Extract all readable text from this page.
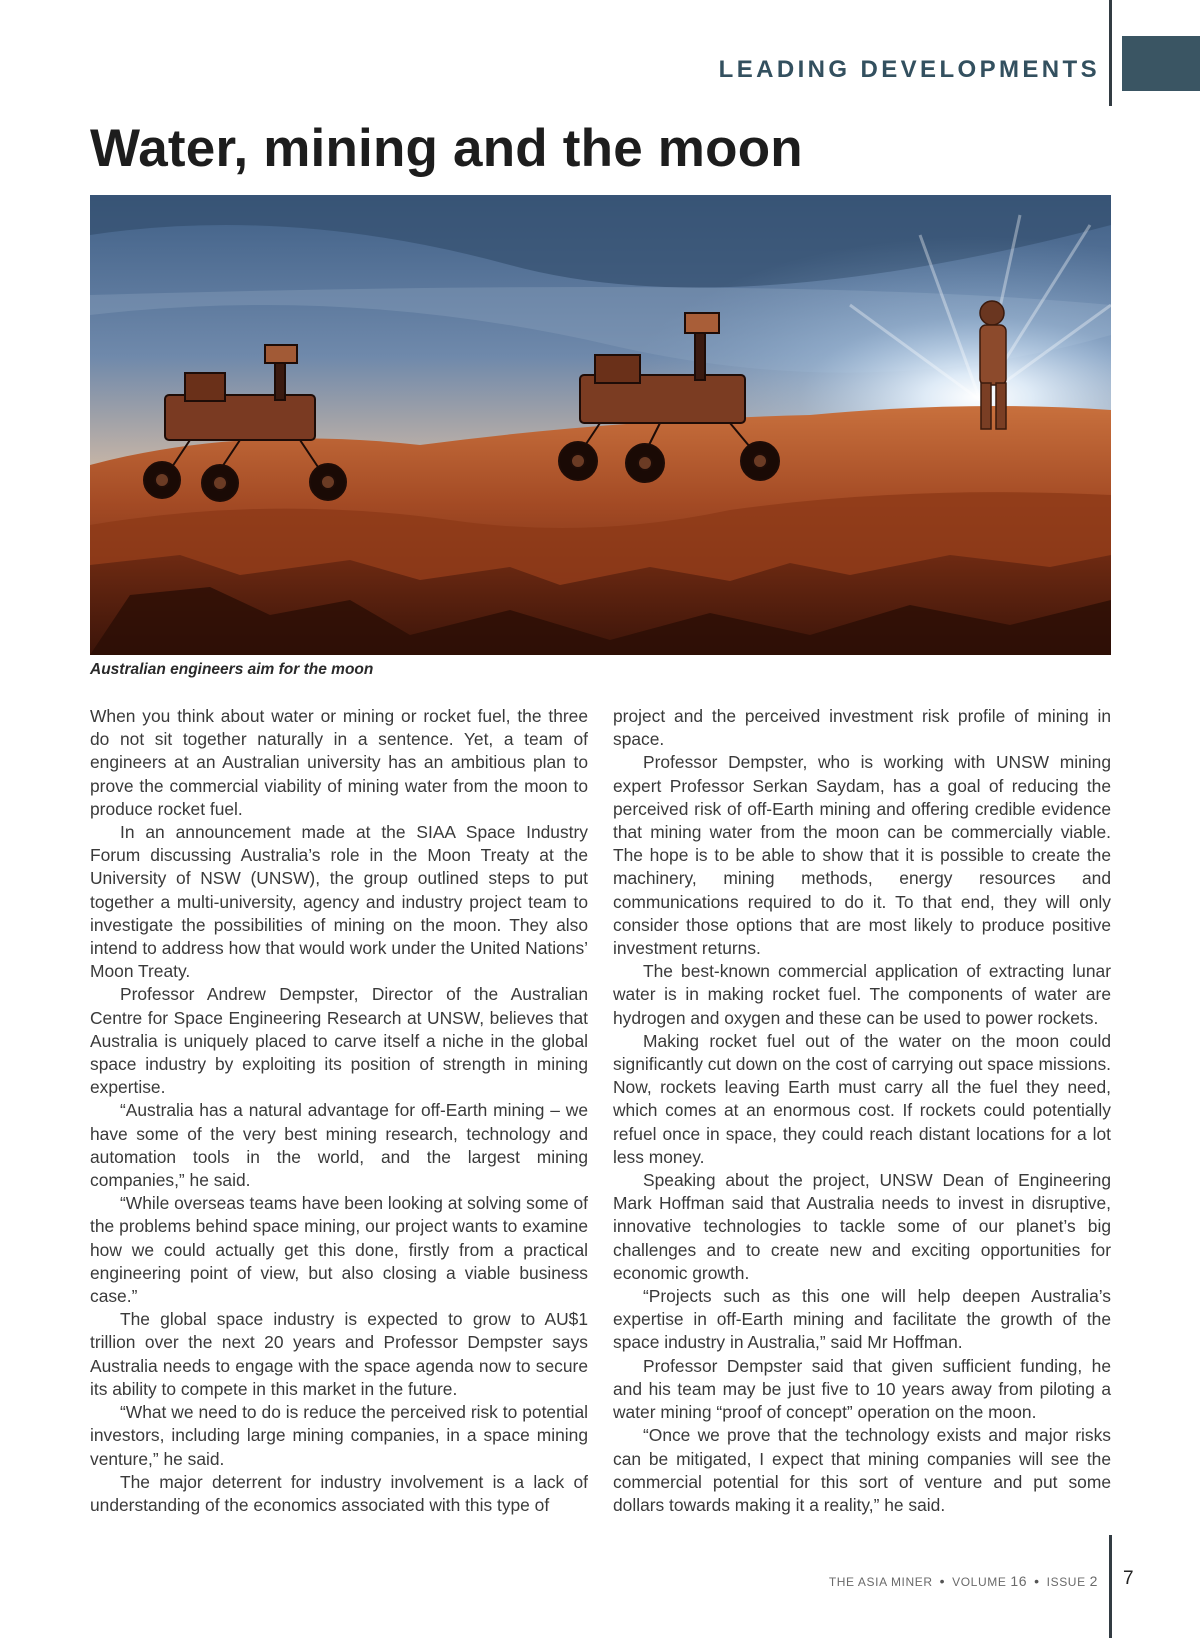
LEADING DEVELOPMENTS
Water, mining and the moon
Australian engineers aim for the moon

When you think about water or mining or rocket fuel, the three do not sit together naturally in a sentence. Yet, a team of engineers at an Australian university has an ambitious plan to prove the commercial viability of mining water from the moon to produce rocket fuel.

In an announcement made at the SIAA Space Industry Forum discussing Australia’s role in the Moon Treaty at the University of NSW (UNSW), the group outlined steps to put together a multi-university, agency and industry project team to investigate the possibilities of mining on the moon. They also intend to address how that would work under the United Nations’ Moon Treaty.

Professor Andrew Dempster, Director of the Australian Centre for Space Engineering Research at UNSW, believes that Australia is uniquely placed to carve itself a niche in the global space industry by exploiting its position of strength in mining expertise.

“Australia has a natural advantage for off-Earth mining – we have some of the very best mining research, technology and automation tools in the world, and the largest mining companies,” he said.

“While overseas teams have been looking at solving some of the problems behind space mining, our project wants to examine how we could actually get this done, firstly from a practical engineering point of view, but also closing a viable business case.”

The global space industry is expected to grow to AU$1 trillion over the next 20 years and Professor Dempster says Australia needs to engage with the space agenda now to secure its ability to compete in this market in the future.

“What we need to do is reduce the perceived risk to potential investors, including large mining companies, in a space mining venture,” he said.

The major deterrent for industry involvement is a lack of understanding of the economics associated with this type of

project and the perceived investment risk profile of mining in space.

Professor Dempster, who is working with UNSW mining expert Professor Serkan Saydam, has a goal of reducing the perceived risk of off-Earth mining and offering credible evidence that mining water from the moon can be commercially viable. The hope is to be able to show that it is possible to create the machinery, mining methods, energy resources and communications required to do it. To that end, they will only consider those options that are most likely to produce positive investment returns.

The best-known commercial application of extracting lunar water is in making rocket fuel. The components of water are hydrogen and oxygen and these can be used to power rockets.

Making rocket fuel out of the water on the moon could significantly cut down on the cost of carrying out space missions. Now, rockets leaving Earth must carry all the fuel they need, which comes at an enormous cost. If rockets could potentially refuel once in space, they could reach distant locations for a lot less money.

Speaking about the project, UNSW Dean of Engineering Mark Hoffman said that Australia needs to invest in disruptive, innovative technologies to tackle some of our planet’s big challenges and to create new and exciting opportunities for economic growth.

“Projects such as this one will help deepen Australia’s expertise in off-Earth mining and facilitate the growth of the space industry in Australia,” said Mr Hoffman.

Professor Dempster said that given sufficient funding, he and his team may be just five to 10 years away from piloting a water mining “proof of concept” operation on the moon.

“Once we prove that the technology exists and major risks can be mitigated, I expect that mining companies will see the commercial potential for this sort of venture and put some dollars towards making it a reality,” he said.

THE ASIA MINER • VOLUME 16 • ISSUE 2 7
